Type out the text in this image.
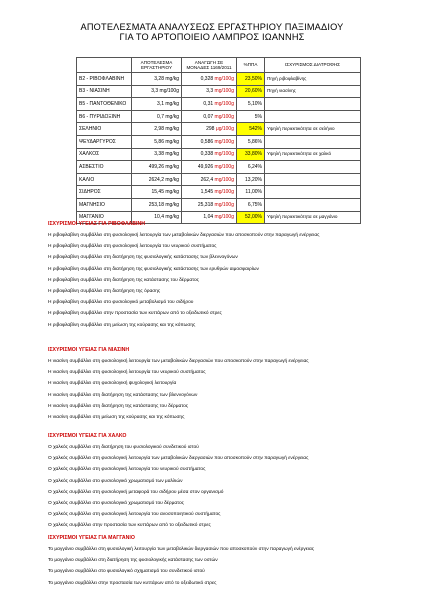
ΑΠΟΤΕΛΕΣΜΑΤΑ ΑΝΑΛΥΣΕΩΣ ΕΡΓΑΣΤΗΡΙΟΥ ΠΑΞΙΜΑΔΙΟΥ
ΓΙΑ ΤΟ ΑΡΤΟΠΟΙΕΙΟ ΛΑΜΠΡΟΣ ΙΩΑΝΝΗΣ
	ΑΠΟΤΕΛΕΣΜΑ ΕΡΓΑΣΤΗΡΙΟΥ	ΑΝΑΓΩΓΗ ΣΕ ΜΟΝΑΔΕΣ 1169/2011	%ΠΠΑ	ΙΣΧΥΡΙΣΜΟΣ ΔΙΑΤΡΟΦΗΣ
Β2 - ΡΙΒΟΦΛΑΒΙΝΗ	3,28 mg/kg	0,328 mg/100g	23,50%	Πηγή ριβοφλαβίνης
Β3 - ΝΙΑΣΙΝΗ	3,3 mg/100g	3,3 mg/100g	20,60%	Πηγή νιασίνης
Β5 - ΠΑΝΤΟΘΕΝΙΚΟ	3,1 mg/kg	0,31 mg/100g	5,10%	
Β6 - ΠΥΡΙΔΟΞΙΝΗ	0,7 mg/kg	0,07 mg/100g	5%	
ΣΕΛΗΝΙΟ	2,98 mg/kg	298 μg/100g	542%	Υψηλή περιεκτικότητα σε σελήνιο
ΨΕΥΔΑΡΓΥΡΟΣ	5,86 mg/kg	0,586 mg/100g	5,86%	
ΧΑΛΚΟΣ	3,38 mg/kg	0,338 mg/100g	33,80%	Υψηλή περιεκτικότητα σε χαλκό
ΑΣΒΕΣΤΙΟ	499,26 mg/kg	49,926 mg/100g	6,24%	
ΚΑΛΙΟ	2624,2 mg/kg	262,4 mg/100g	13,20%	
ΣΙΔΗΡΟΣ	15,45 mg/kg	1,545 mg/100g	11,00%	
ΜΑΓΝΗΣΙΟ	253,18 mg/kg	25,318 mg/100g	6,75%	
ΜΑΓΓΑΝΙΟ	10,4 mg/kg	1,04 mg/100g	52,00%	Υψηλή περιεκτικότητα σε μαγγάνιο
ΙΣΧΥΡΙΣΜΟΙ ΥΓΕΙΑΣ ΓΙΑ ΡΙΒΟΦΛΑΒΙΝΗ
Η ριβοφλαβίνη συμβάλλει στη φυσιολογική λειτουργία των μεταβολικών διεργασιών που αποσκοπούν στην παραγωγή ενέργειας
Η ριβοφλαβίνη συμβάλλει στη φυσιολογική λειτουργία του νευρικού συστήματος
Η ριβοφλαβίνη συμβάλλει στη διατήρηση της φυσιολογικής κατάστασης των βλεννογόνων
Η ριβοφλαβίνη συμβάλλει στη διατήρηση της φυσιολογικής κατάστασης των ερυθρών αιμοσφαιρίων
Η ριβοφλαβίνη συμβάλλει στη διατήρηση της κατάστασης του δέρματος
Η ριβοφλαβίνη συμβάλλει στη διατήρηση της όρασης
Η ριβοφλαβίνη συμβάλλει στο φυσιολογικό μεταβολισμό του σιδήρου
Η ριβοφλαβίνη συμβάλλει στην προστασία των κυττάρων από το οξειδωτικό στρες
Η ριβοφλαβίνη συμβάλλει στη μείωση της κούρασης και της κόπωσης
ΙΣΧΥΡΙΣΜΟΙ ΥΓΕΙΑΣ ΓΙΑ ΝΙΑΣΙΝΗ
Η νιασίνη συμβάλλει στη φυσιολογική λειτουργία των μεταβολικών διεργασιών που αποσκοπούν στην παραγωγή ενέργειας
Η νιασίνη συμβάλλει στη φυσιολογική λειτουργία του νευρικού συστήματος
Η νιασίνη συμβάλλει στη φυσιολογική ψυχολογική λειτουργία
Η νιασίνη συμβάλλει στη διατήρηση της κατάστασης των βλεννογόνων
Η νιασίνη συμβάλλει στη διατήρηση της κατάστασης του δέρματος
Η νιασίνη συμβάλλει στη μείωση της κούρασης και της κόπωσης
ΙΣΧΥΡΙΣΜΟΙ ΥΓΕΙΑΣ ΓΙΑ ΧΑΛΚΟ
Ο χαλκός συμβάλλει στη διατήρηση του φυσιολογικού συνδετικού ιστού
Ο χαλκός συμβάλλει στη φυσιολογική λειτουργία των μεταβολικών διεργασιών που αποσκοπούν στην παραγωγή ενέργειας
Ο χαλκός συμβάλλει στη φυσιολογική λειτουργία του νευρικού συστήματος
Ο χαλκός συμβάλλει στο φυσιολογικό χρωματισμό των μαλλιών
Ο χαλκός συμβάλλει στη φυσιολογική μεταφορά του σιδήρου μέσα στον οργανισμό
Ο χαλκός συμβάλλει στο φυσιολογικό χρωματισμό του δέρματος
Ο χαλκός συμβάλλει στη φυσιολογική λειτουργία του ανοσοποιητικού συστήματος
Ο χαλκός συμβάλλει στην προστασία των κυττάρων από το οξειδωτικό στρες
ΙΣΧΥΡΙΣΜΟΙ ΥΓΕΙΑΣ ΓΙΑ ΜΑΓΓΑΝΙΟ
Το μαγγάνιο συμβάλλει στη φυσιολογική λειτουργία των μεταβολικών διεργασιών που αποσκοπούν στην παραγωγή ενέργειας
Το μαγγάνιο συμβάλλει στη διατήρηση της φυσιολογικής κατάστασης των οστών
Το μαγγάνιο συμβάλλει στο φυσιολογικό σχηματισμό του συνδετικού ιστού
Το μαγγάνιο συμβάλλει στην προστασία των κυττάρων από το οξειδωτικό στρες
